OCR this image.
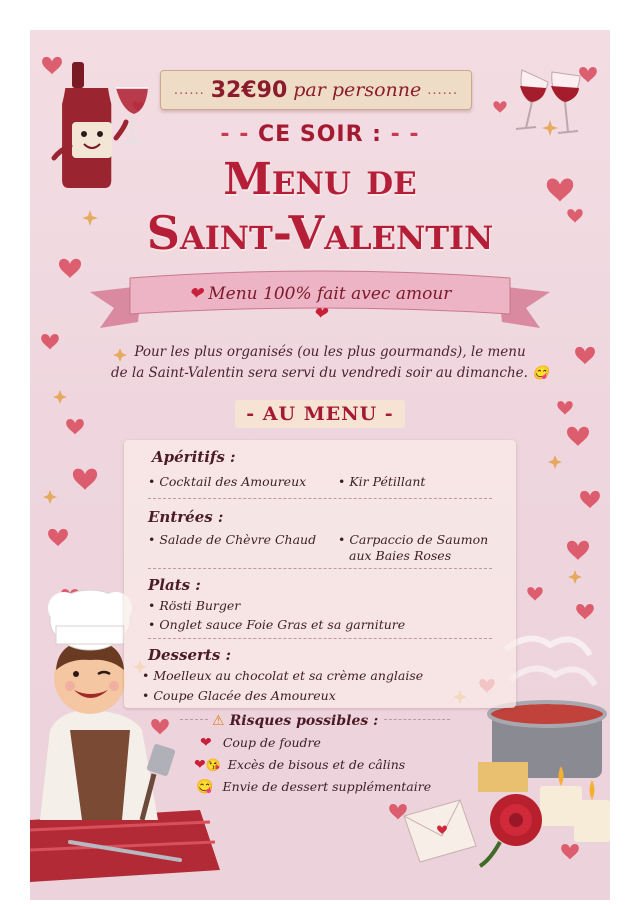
...... 32€90 par personne ......
‑ ‑ CE SOIR : ‑ ‑
Menu de
Saint-Valentin
❤ Menu 100% fait avec amour ❤
Pour les plus organisés (ou les plus gourmands), le menu
de la Saint-Valentin sera servi du vendredi soir au dimanche. 😋
- AU MENU -
Apéritifs :
• Cocktail des Amoureux	• Kir Pétillant
Entrées :
• Salade de Chèvre Chaud • Carpaccio de Saumon
aux Baies Roses
Plats :
• Rösti Burger
• Onglet sauce Foie Gras et sa garniture
Desserts :
• Moelleux au chocolat et sa crème anglaise
• Coupe Glacée des Amoureux
⚠ Risques possibles :
❤ Coup de foudre
❤😘 Excès de bisous et de câlins
😋 Envie de dessert supplémentaire
